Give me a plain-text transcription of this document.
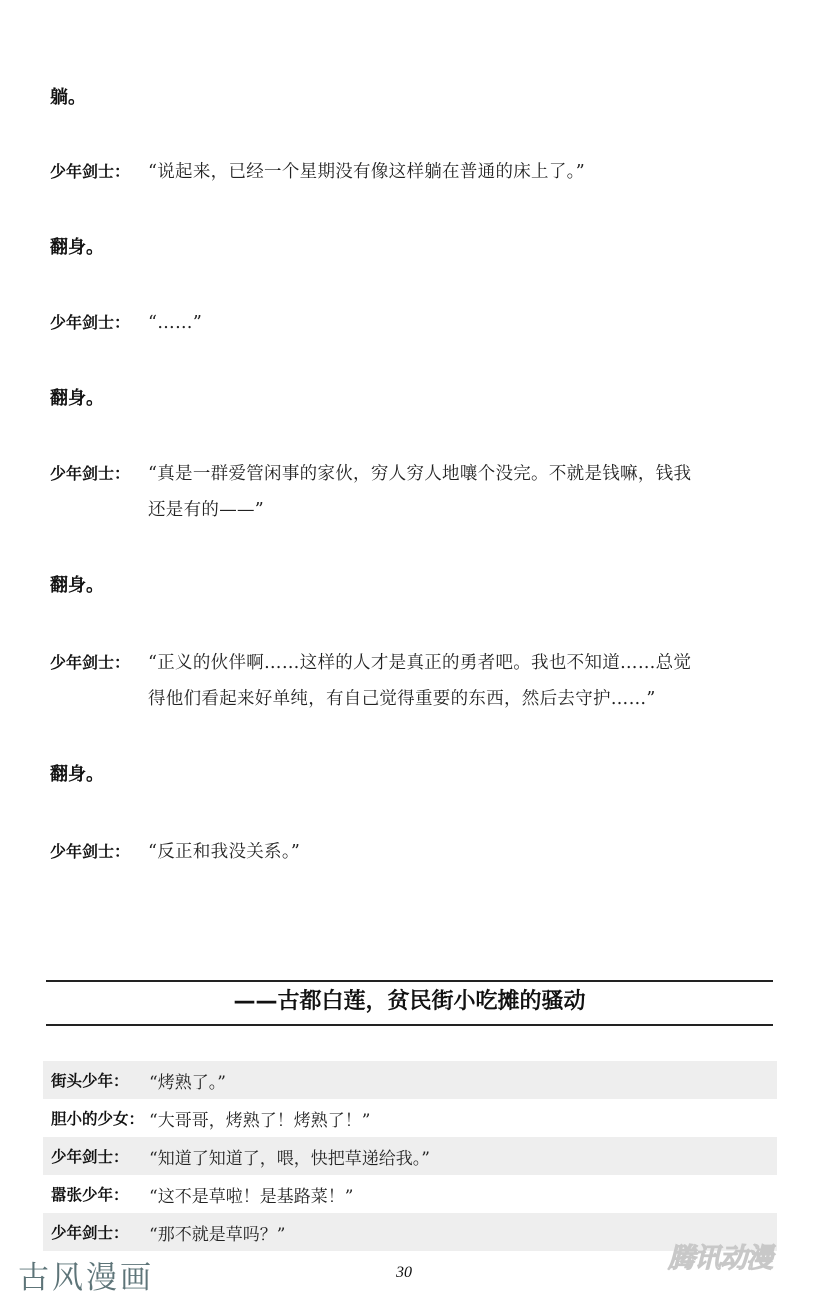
躺。
少年剑士： “说起来，已经一个星期没有像这样躺在普通的床上了。”
翻身。
少年剑士： “……”
翻身。
少年剑士： “真是一群爱管闲事的家伙，穷人穷人地嚷个没完。不就是钱嘛，钱我
还是有的——”
翻身。
少年剑士： “正义的伙伴啊……这样的人才是真正的勇者吧。我也不知道……总觉
得他们看起来好单纯，有自己觉得重要的东西，然后去守护……”
翻身。
少年剑士： “反正和我没关系。”
——古都白莲，贫民街小吃摊的骚动
街头少年：	“烤熟了。”
胆小的少女： “大哥哥，烤熟了！烤熟了！”
少年剑士：	“知道了知道了，喂，快把草递给我。”
嚣张少年：	“这不是草啦！是基路菜！”
少年剑士：	“那不就是草吗？”
古风漫画	30	腾讯动漫
